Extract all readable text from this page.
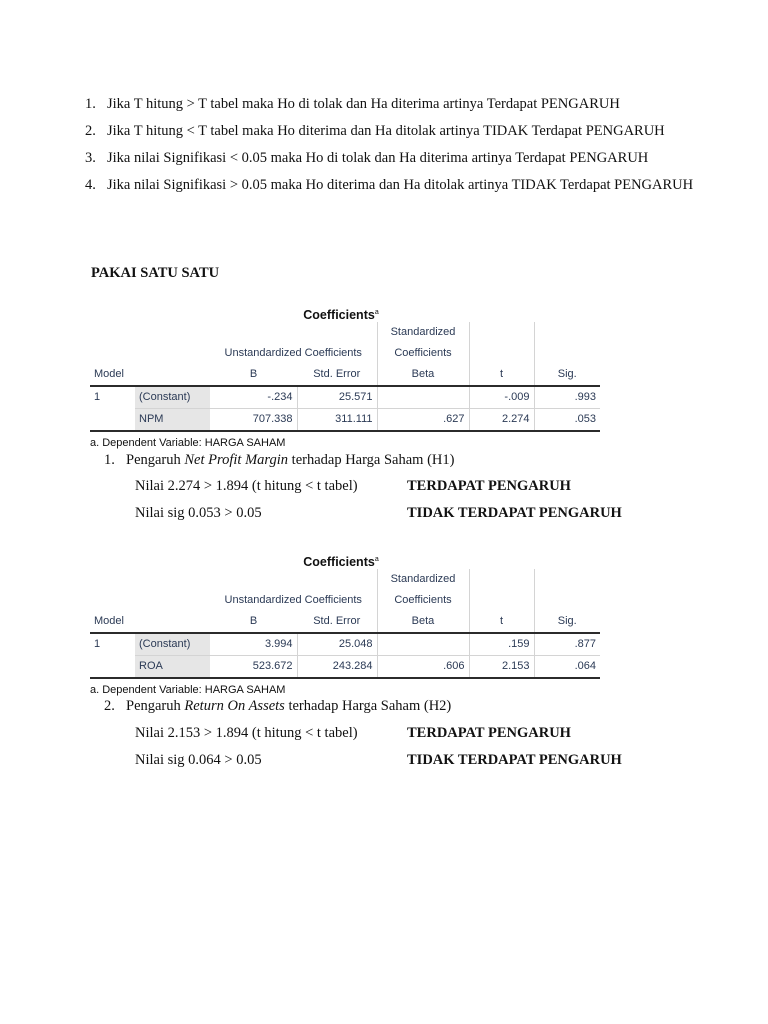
1. Jika T hitung > T tabel maka Ho di tolak dan Ha diterima artinya Terdapat PENGARUH
2. Jika T hitung < T tabel maka Ho diterima dan Ha ditolak artinya TIDAK Terdapat PENGARUH
3. Jika nilai Signifikasi < 0.05 maka Ho di tolak dan Ha diterima artinya Terdapat PENGARUH
4. Jika nilai Signifikasi > 0.05 maka Ho diterima dan Ha ditolak artinya TIDAK Terdapat PENGARUH
PAKAI SATU SATU
Coefficients$^a$
				Standardized		
		Unstandardized Coefficients		Coefficients		
Model		B	Std. Error	Beta	t	Sig.
1	(Constant)	-.234	25.571		-.009	.993
	NPM	707.338	311.111	.627	2.274	.053
a. Dependent Variable: HARGA SAHAM
1. Pengaruh Net Profit Margin terhadap Harga Saham (H1)
Nilai 2.274 > 1.894 (t hitung < t tabel)	TERDAPAT PENGARUH
Nilai sig 0.053 > 0.05	TIDAK TERDAPAT PENGARUH
Coefficients$^a$
				Standardized		
		Unstandardized Coefficients		Coefficients		
Model		B	Std. Error	Beta	t	Sig.
1	(Constant)	3.994	25.048		.159	.877
	ROA	523.672	243.284	.606	2.153	.064
a. Dependent Variable: HARGA SAHAM
2. Pengaruh Return On Assets terhadap Harga Saham (H2)
Nilai 2.153 > 1.894 (t hitung < t tabel)	TERDAPAT PENGARUH
Nilai sig 0.064 > 0.05	TIDAK TERDAPAT PENGARUH
